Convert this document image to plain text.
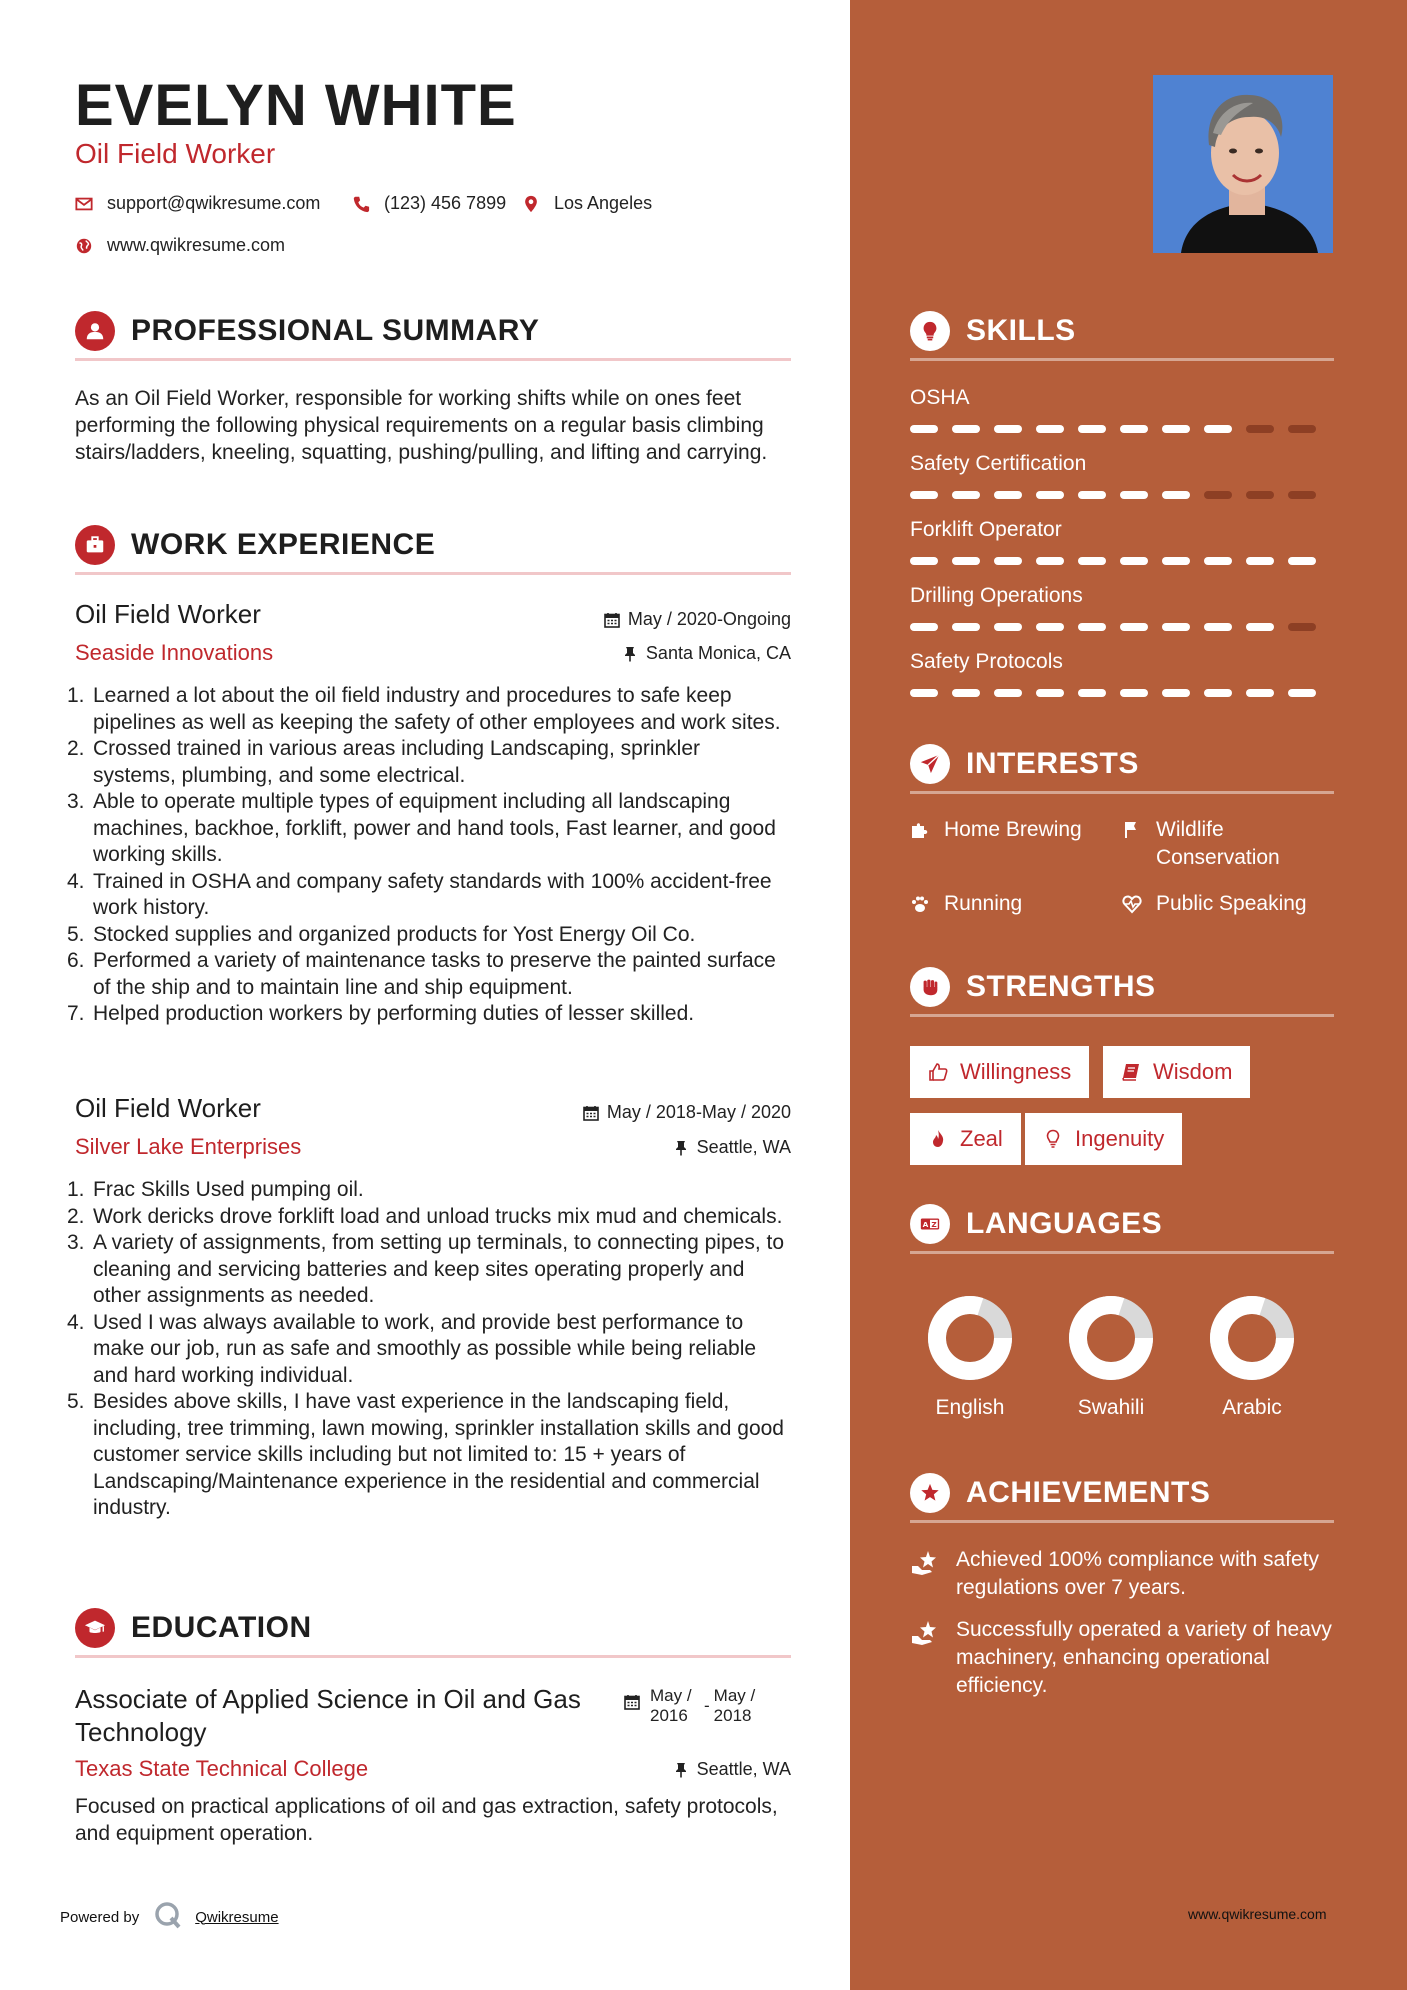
EVELYN WHITE
Oil Field Worker
support@qwikresume.com	(123) 456 7899	Los Angeles
www.qwikresume.com
PROFESSIONAL SUMMARY
As an Oil Field Worker, responsible for working shifts while on ones feet performing the following physical requirements on a regular basis climbing stairs/ladders, kneeling, squatting, pushing/pulling, and lifting and carrying.
WORK EXPERIENCE
Oil Field Worker	May / 2020-Ongoing
Seaside Innovations	Santa Monica, CA
1. Learned a lot about the oil field industry and procedures to safe keep pipelines as well as keeping the safety of other employees and work sites.
2. Crossed trained in various areas including Landscaping, sprinkler systems, plumbing, and some electrical.
3. Able to operate multiple types of equipment including all landscaping machines, backhoe, forklift, power and hand tools, Fast learner, and good working skills.
4. Trained in OSHA and company safety standards with 100% accident-free work history.
5. Stocked supplies and organized products for Yost Energy Oil Co.
6. Performed a variety of maintenance tasks to preserve the painted surface of the ship and to maintain line and ship equipment.
7. Helped production workers by performing duties of lesser skilled.
Oil Field Worker	May / 2018-May / 2020
Silver Lake Enterprises	Seattle, WA
1. Frac Skills Used pumping oil.
2. Work dericks drove forklift load and unload trucks mix mud and chemicals.
3. A variety of assignments, from setting up terminals, to connecting pipes, to cleaning and servicing batteries and keep sites operating properly and other assignments as needed.
4. Used I was always available to work, and provide best performance to make our job, run as safe and smoothly as possible while being reliable and hard working individual.
5. Besides above skills, I have vast experience in the landscaping field, including, tree trimming, lawn mowing, sprinkler installation skills and good customer service skills including but not limited to: 15 + years of Landscaping/Maintenance experience in the residential and commercial industry.
EDUCATION
Associate of Applied Science in Oil and Gas Technology
May / 2016
-
May / 2018
Texas State Technical College	Seattle, WA
Focused on practical applications of oil and gas extraction, safety protocols, and equipment operation.
Powered by	Qwikresume
SKILLS
OSHA
Safety Certification
Forklift Operator
Drilling Operations
Safety Protocols
INTERESTS
Home Brewing	Wildlife Conservation
Running	Public Speaking
STRENGTHS
Willingness	Wisdom
Zeal	Ingenuity
A Z LANGUAGES
English	Swahili	Arabic
ACHIEVEMENTS
Achieved 100% compliance with safety regulations over 7 years.
Successfully operated a variety of heavy machinery, enhancing operational efficiency.
www.qwikresume.com
